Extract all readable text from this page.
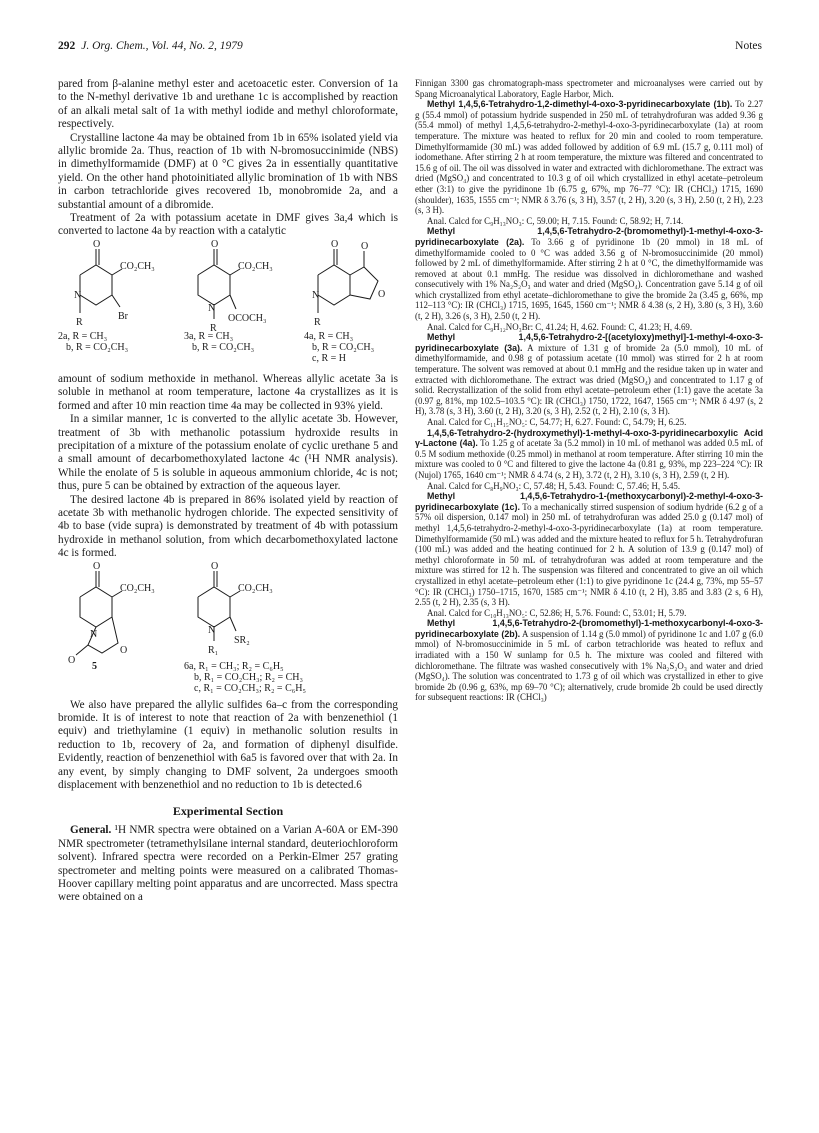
292 J. Org. Chem., Vol. 44, No. 2, 1979	Notes

pared from β-alanine methyl ester and acetoacetic ester. Conversion of 1a to the N-methyl derivative 1b and urethane 1c is accomplished by reaction of an alkali metal salt of 1a with methyl iodide and methyl chloroformate, respectively.

Crystalline lactone 4a may be obtained from 1b in 65% isolated yield via allylic bromide 2a. Thus, reaction of 1b with N-bromosuccinimide (NBS) in dimethylformamide (DMF) at 0 °C gives 2a in essentially quantitative yield. On the other hand photoinitiated allylic bromination of 1b with NBS in carbon tetrachloride gives recovered 1b, monobromide 2a, and a substantial amount of a dibromide.

Treatment of 2a with potassium acetate in DMF gives 3a,4 which is converted to lactone 4a by reaction with a catalytic

O
CO₂CH₃
N
R
Br
O
CO₂CH₃
N
R
OCOCH₃
O O
O
N
R
2a, R = CH₃
b, R = CO₂CH₃
3a, R = CH₃
b, R = CO₂CH₃
4a, R = CH₃
b, R = CO₂CH₃
c, R = H

amount of sodium methoxide in methanol. Whereas allylic acetate 3a is soluble in methanol at room temperature, lactone 4a crystallizes as it is formed and after 10 min reaction time 4a may be collected in 93% yield.

In a similar manner, 1c is converted to the allylic acetate 3b. However, treatment of 3b with methanolic potassium hydroxide results in precipitation of a mixture of the potassium enolate of cyclic urethane 5 and a small amount of decarbomethoxylated lactone 4c (¹H NMR analysis). While the enolate of 5 is soluble in aqueous ammonium chloride, 4c is not; thus, pure 5 can be obtained by extraction of the aqueous layer.

The desired lactone 4b is prepared in 86% isolated yield by reaction of acetate 3b with methanolic hydrogen chloride. The expected sensitivity of 4b to base (vide supra) is demonstrated by treatment of 4b with potassium hydroxide in methanol solution, from which decarbomethoxylated lactone 4c is formed.

O
CO₂CH₃
N
O
O
O
CO₂CH₃
N
R₁
SR₂
5	6a, R₁ = CH₃; R₂ = C₆H₅
b, R₁ = CO₂CH₃; R₂ = CH₃
c, R₁ = CO₂CH₃; R₂ = C₆H₅

We also have prepared the allylic sulfides 6a–c from the corresponding bromide. It is of interest to note that reaction of 2a with benzenethiol (1 equiv) and triethylamine (1 equiv) in methanolic solution results in reduction to 1b, recovery of 2a, and formation of diphenyl disulfide. Evidently, reaction of benzenethiol with 6a5 is favored over that with 2a. In any event, by simply changing to DMF solvent, 2a undergoes smooth displacement with benzenethiol and no reduction to 1b is detected.6

Experimental Section

General. ¹H NMR spectra were obtained on a Varian A-60A or EM-390 NMR spectrometer (tetramethylsilane internal standard, deuteriochloroform solvent). Infrared spectra were recorded on a Perkin-Elmer 257 grating spectrometer and melting points were measured on a calibrated Thomas-Hoover capillary melting point apparatus and are uncorrected. Mass spectra were obtained on a

Finnigan 3300 gas chromatograph-mass spectrometer and microanalyses were carried out by Spang Microanalytical Laboratory, Eagle Harbor, Mich.

Methyl 1,4,5,6-Tetrahydro-1,2-dimethyl-4-oxo-3-pyridinecarboxylate (1b). To 2.27 g (55.4 mmol) of potassium hydride suspended in 250 mL of tetrahydrofuran was added 9.36 g (55.4 mmol) of methyl 1,4,5,6-tetrahydro-2-methyl-4-oxo-3-pyridinecarboxylate (1a) at room temperature. The mixture was heated to reflux for 20 min and cooled to room temperature. Dimethylformamide (30 mL) was added followed by addition of 6.9 mL (15.7 g, 0.111 mol) of iodomethane. After stirring 2 h at room temperature, the mixture was filtered and concentrated to 15.6 g of oil. The oil was dissolved in water and extracted with dichloromethane. The extract was dried (MgSO₄) and concentrated to 10.3 g of oil which crystallized in ethyl acetate–petroleum ether (3:1) to give the pyridinone 1b (6.75 g, 67%, mp 76–77 °C): IR (CHCl₃) 1715, 1690 (shoulder), 1635, 1555 cm⁻¹; NMR δ 3.76 (s, 3 H), 3.57 (t, 2 H), 3.20 (s, 3 H), 2.50 (t, 2 H), 2.23 (s, 3 H).

Anal. Calcd for C₉H₁₃NO₃: C, 59.00; H, 7.15. Found: C, 58.92; H, 7.14.

Methyl 1,4,5,6-Tetrahydro-2-(bromomethyl)-1-methyl-4-oxo-3-pyridinecarboxylate (2a). To 3.66 g of pyridinone 1b (20 mmol) in 18 mL of dimethylformamide cooled to 0 °C was added 3.56 g of N-bromosuccinimide (20 mmol) followed by 2 mL of dimethylformamide. After stirring 2 h at 0 °C, the dimethylformamide was removed at about 0.1 mmHg. The residue was dissolved in dichloromethane and washed consecutively with 1% Na₂S₂O₃ and water and dried (MgSO₄). Concentration gave 5.14 g of oil which crystallized from ethyl acetate–dichloromethane to give the bromide 2a (3.45 g, 66%, mp 112–113 °C): IR (CHCl₃) 1715, 1695, 1645, 1560 cm⁻¹; NMR δ 4.38 (s, 2 H), 3.80 (s, 3 H), 3.60 (t, 2 H), 3.26 (s, 3 H), 2.50 (t, 2 H).

Anal. Calcd for C₉H₁₂NO₃Br: C, 41.24; H, 4.62. Found: C, 41.23; H, 4.69.

Methyl 1,4,5,6-Tetrahydro-2-[(acetyloxy)methyl]-1-methyl-4-oxo-3-pyridinecarboxylate (3a). A mixture of 1.31 g of bromide 2a (5.0 mmol), 10 mL of dimethylformamide, and 0.98 g of potassium acetate (10 mmol) was stirred for 2 h at room temperature. The solvent was removed at about 0.1 mmHg and the residue taken up in water and extracted with dichloromethane. The extract was dried (MgSO₄) and concentrated to 1.17 g of solid. Recrystallization of the solid from ethyl acetate–petroleum ether (1:1) gave the acetate 3a (0.97 g, 81%, mp 102.5–103.5 °C): IR (CHCl₃) 1750, 1722, 1647, 1565 cm⁻¹; NMR δ 4.97 (s, 2 H), 3.78 (s, 3 H), 3.60 (t, 2 H), 3.20 (s, 3 H), 2.52 (t, 2 H), 2.10 (s, 3 H).

Anal. Calcd for C₁₁H₁₅NO₅: C, 54.77; H, 6.27. Found: C, 54.79; H, 6.25.

1,4,5,6-Tetrahydro-2-(hydroxymethyl)-1-methyl-4-oxo-3-pyridinecarboxylic Acid γ-Lactone (4a). To 1.25 g of acetate 3a (5.2 mmol) in 10 mL of methanol was added 0.5 mL of 0.5 M sodium methoxide (0.25 mmol) in methanol at room temperature. After stirring 10 min the mixture was cooled to 0 °C and filtered to give the lactone 4a (0.81 g, 93%, mp 223–224 °C): IR (Nujol) 1765, 1640 cm⁻¹; NMR δ 4.74 (s, 2 H), 3.72 (t, 2 H), 3.10 (s, 3 H), 2.59 (t, 2 H).

Anal. Calcd for C₈H₉NO₃: C, 57.48; H, 5.43. Found: C, 57.46; H, 5.45.

Methyl 1,4,5,6-Tetrahydro-1-(methoxycarbonyl)-2-methyl-4-oxo-3-pyridinecarboxylate (1c). To a mechanically stirred suspension of sodium hydride (6.2 g of a 57% oil dispersion, 0.147 mol) in 250 mL of tetrahydrofuran was added 25.0 g (0.147 mol) of methyl 1,4,5,6-tetrahydro-2-methyl-4-oxo-3-pyridinecarboxylate (1a) at room temperature. Dimethylformamide (50 mL) was added and the mixture heated to reflux for 5 h. Tetrahydrofuran (100 mL) was added and the heating continued for 2 h. A solution of 13.9 g (0.147 mol) of methyl chloroformate in 50 mL of tetrahydrofuran was added at room temperature and the mixture was stirred for 12 h. The suspension was filtered and concentrated to give an oil which crystallized in ethyl acetate–petroleum ether (1:1) to give pyridinone 1c (24.4 g, 73%, mp 55–57 °C): IR (CHCl₃) 1750–1715, 1670, 1585 cm⁻¹; NMR δ 4.10 (t, 2 H), 3.85 and 3.83 (2 s, 6 H), 2.55 (t, 2 H), 2.35 (s, 3 H).

Anal. Calcd for C₁₀H₁₃NO₅: C, 52.86; H, 5.76. Found: C, 53.01; H, 5.79.

Methyl 1,4,5,6-Tetrahydro-2-(bromomethyl)-1-methoxycarbonyl-4-oxo-3-pyridinecarboxylate (2b). A suspension of 1.14 g (5.0 mmol) of pyridinone 1c and 1.07 g (6.0 mmol) of N-bromosuccinimide in 5 mL of carbon tetrachloride was heated to reflux and irradiated with a 150 W sunlamp for 0.5 h. The mixture was cooled and filtered with dichloromethane. The filtrate was washed consecutively with 1% Na₂S₂O₃ and water and dried (MgSO₄). The solution was concentrated to 1.73 g of oil which was crystallized in ether to give bromide 2b (0.96 g, 63%, mp 69–70 °C); alternatively, crude bromide 2b could be used directly for subsequent reactions: IR (CHCl₃)
